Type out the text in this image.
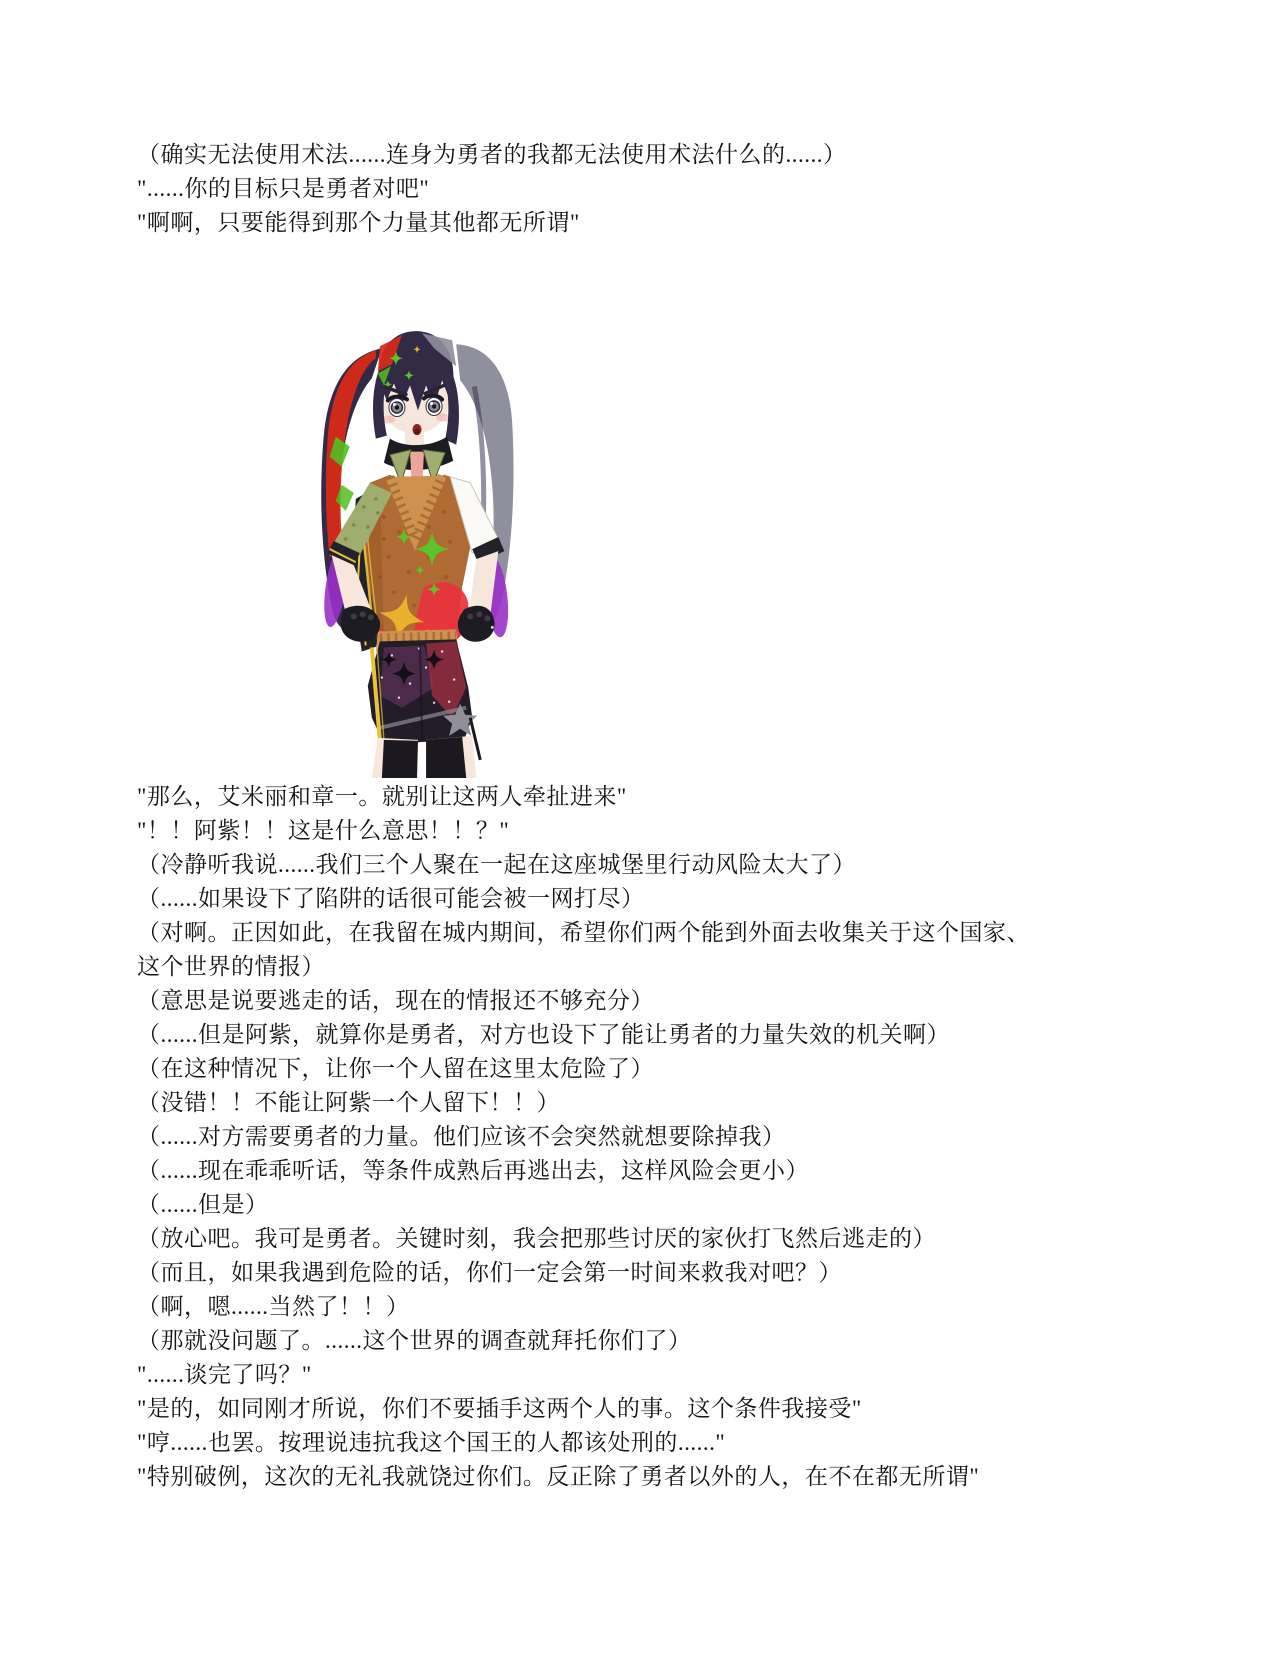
（确实无法使用术法......连身为勇者的我都无法使用术法什么的......）

"......你的目标只是勇者对吧"

"啊啊，只要能得到那个力量其他都无所谓"

"那么，艾米丽和章一。就别让这两人牵扯进来"

"！！阿紫！！这是什么意思！！？"

（冷静听我说......我们三个人聚在一起在这座城堡里行动风险太大了）

（......如果设下了陷阱的话很可能会被一网打尽）

（对啊。正因如此，在我留在城内期间，希望你们两个能到外面去收集关于这个国家、这个世界的情报）

（意思是说要逃走的话，现在的情报还不够充分）

（......但是阿紫，就算你是勇者，对方也设下了能让勇者的力量失效的机关啊）

（在这种情况下，让你一个人留在这里太危险了）

（没错！！不能让阿紫一个人留下！！）

（......对方需要勇者的力量。他们应该不会突然就想要除掉我）

（......现在乖乖听话，等条件成熟后再逃出去，这样风险会更小）

（......但是）

（放心吧。我可是勇者。关键时刻，我会把那些讨厌的家伙打飞然后逃走的）

（而且，如果我遇到危险的话，你们一定会第一时间来救我对吧？）

（啊，嗯......当然了！！）

（那就没问题了。......这个世界的调查就拜托你们了）

"......谈完了吗？"

"是的，如同刚才所说，你们不要插手这两个人的事。这个条件我接受"

"哼......也罢。按理说违抗我这个国王的人都该处刑的......"

"特别破例，这次的无礼我就饶过你们。反正除了勇者以外的人，在不在都无所谓"
